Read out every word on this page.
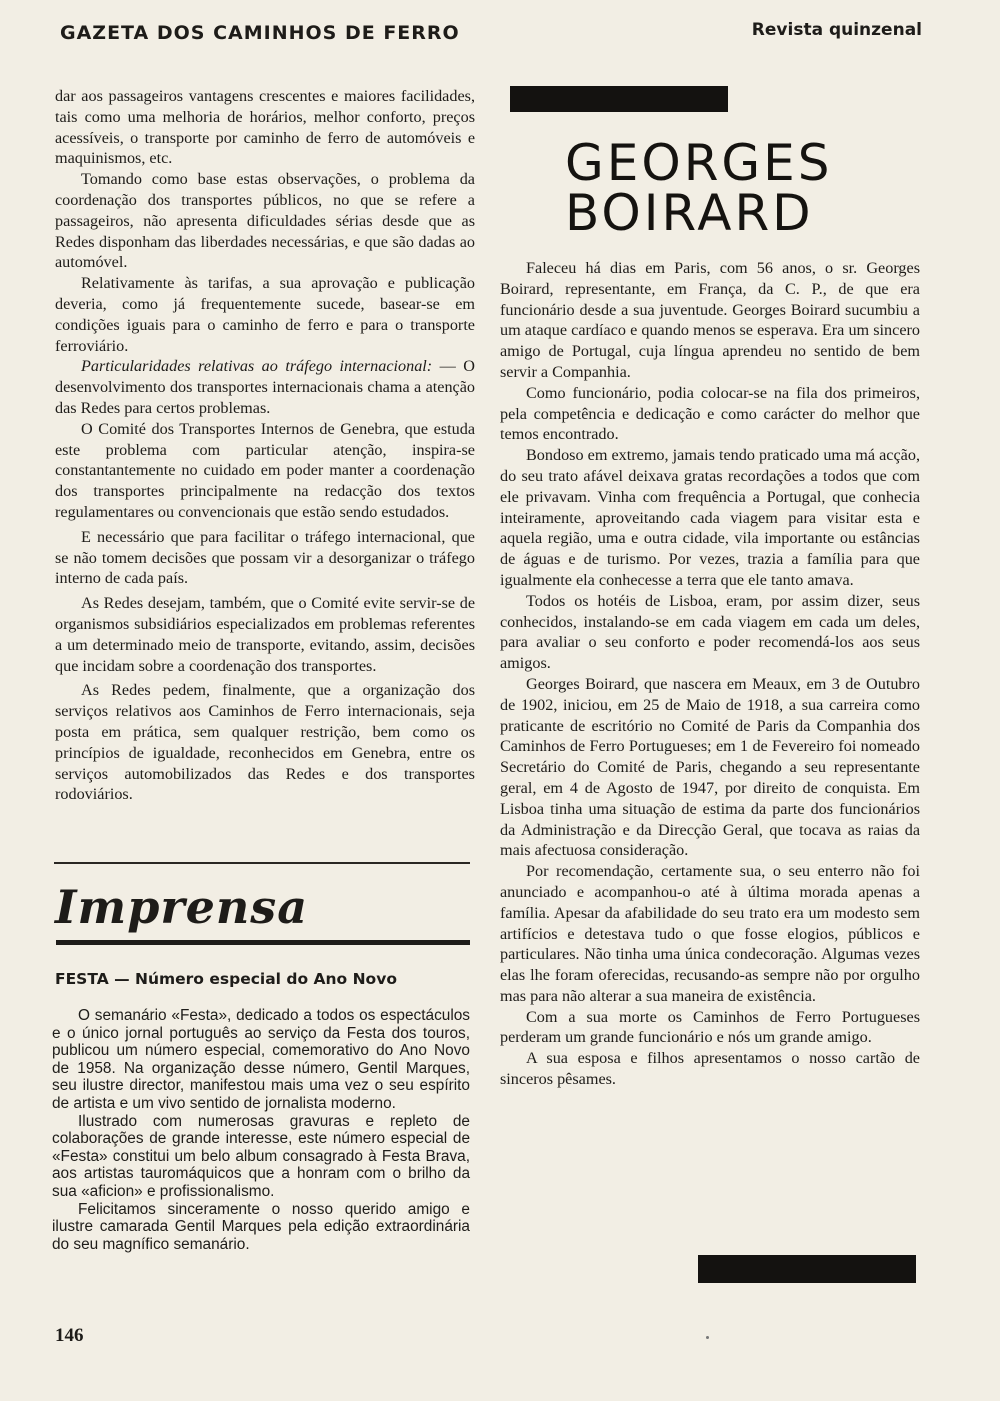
GAZETA DOS CAMINHOS DE FERRO	Revista quinzenal

dar aos passageiros vantagens crescentes e maiores facilidades, tais como uma melhoria de horários, melhor conforto, preços acessíveis, o transporte por caminho de ferro de automóveis e maquinismos, etc.

Tomando como base estas observações, o problema da coordenação dos transportes públicos, no que se refere a passageiros, não apresenta dificuldades sérias desde que as Redes disponham das liberdades necessárias, e que são dadas ao automóvel.

Relativamente às tarifas, a sua aprovação e publicação deveria, como já frequentemente sucede, basear-se em condições iguais para o caminho de ferro e para o transporte ferroviário.

Particularidades relativas ao tráfego internacional: — O desenvolvimento dos transportes internacionais chama a atenção das Redes para certos problemas.

O Comité dos Transportes Internos de Genebra, que estuda este problema com particular atenção, inspira-se constantantemente no cuidado em poder manter a coordenação dos transportes principalmente na redacção dos textos regulamentares ou convencionais que estão sendo estudados.

E necessário que para facilitar o tráfego internacional, que se não tomem decisões que possam vir a desorganizar o tráfego interno de cada país.

As Redes desejam, também, que o Comité evite servir-se de organismos subsidiários especializados em problemas referentes a um determinado meio de transporte, evitando, assim, decisões que incidam sobre a coordenação dos transportes.

As Redes pedem, finalmente, que a organização dos serviços relativos aos Caminhos de Ferro internacionais, seja posta em prática, sem qualquer restrição, bem como os princípios de igualdade, reconhecidos em Genebra, entre os serviços automobilizados das Redes e dos transportes rodoviários.

Imprensa
FESTA — Número especial do Ano Novo

O semanário «Festa», dedicado a todos os espectáculos e o único jornal português ao serviço da Festa dos touros, publicou um número especial, comemorativo do Ano Novo de 1958. Na organização desse número, Gentil Marques, seu ilustre director, manifestou mais uma vez o seu espírito de artista e um vivo sentido de jornalista moderno.

Ilustrado com numerosas gravuras e repleto de colaborações de grande interesse, este número especial de «Festa» constitui um belo album consagrado à Festa Brava, aos artistas tauromáquicos que a honram com o brilho da sua «aficion» e profissionalismo.

Felicitamos sinceramente o nosso querido amigo e ilustre camarada Gentil Marques pela edição extraordinária do seu magnífico semanário.

146
GEORGES
BOIRARD

Faleceu há dias em Paris, com 56 anos, o sr. Georges Boirard, representante, em França, da C. P., de que era funcionário desde a sua juventude. Georges Boirard sucumbiu a um ataque cardíaco e quando menos se esperava. Era um sincero amigo de Portugal, cuja língua aprendeu no sentido de bem servir a Companhia.

Como funcionário, podia colocar-se na fila dos primeiros, pela competência e dedicação e como carácter do melhor que temos encontrado.

Bondoso em extremo, jamais tendo praticado uma má acção, do seu trato afável deixava gratas recordações a todos que com ele privavam. Vinha com frequência a Portugal, que conhecia inteiramente, aproveitando cada viagem para visitar esta e aquela região, uma e outra cidade, vila importante ou estâncias de águas e de turismo. Por vezes, trazia a família para que igualmente ela conhecesse a terra que ele tanto amava.

Todos os hotéis de Lisboa, eram, por assim dizer, seus conhecidos, instalando-se em cada viagem em cada um deles, para avaliar o seu conforto e poder recomendá-los aos seus amigos.

Georges Boirard, que nascera em Meaux, em 3 de Outubro de 1902, iniciou, em 25 de Maio de 1918, a sua carreira como praticante de escritório no Comité de Paris da Companhia dos Caminhos de Ferro Portugueses; em 1 de Fevereiro foi nomeado Secretário do Comité de Paris, chegando a seu representante geral, em 4 de Agosto de 1947, por direito de conquista. Em Lisboa tinha uma situação de estima da parte dos funcionários da Administração e da Direcção Geral, que tocava as raias da mais afectuosa consideração.

Por recomendação, certamente sua, o seu enterro não foi anunciado e acompanhou-o até à última morada apenas a família. Apesar da afabilidade do seu trato era um modesto sem artifícios e detestava tudo o que fosse elogios, públicos e particulares. Não tinha uma única condecoração. Algumas vezes elas lhe foram oferecidas, recusando-as sempre não por orgulho mas para não alterar a sua maneira de existência.

Com a sua morte os Caminhos de Ferro Portugueses perderam um grande funcionário e nós um grande amigo.

A sua esposa e filhos apresentamos o nosso cartão de sinceros pêsames.
